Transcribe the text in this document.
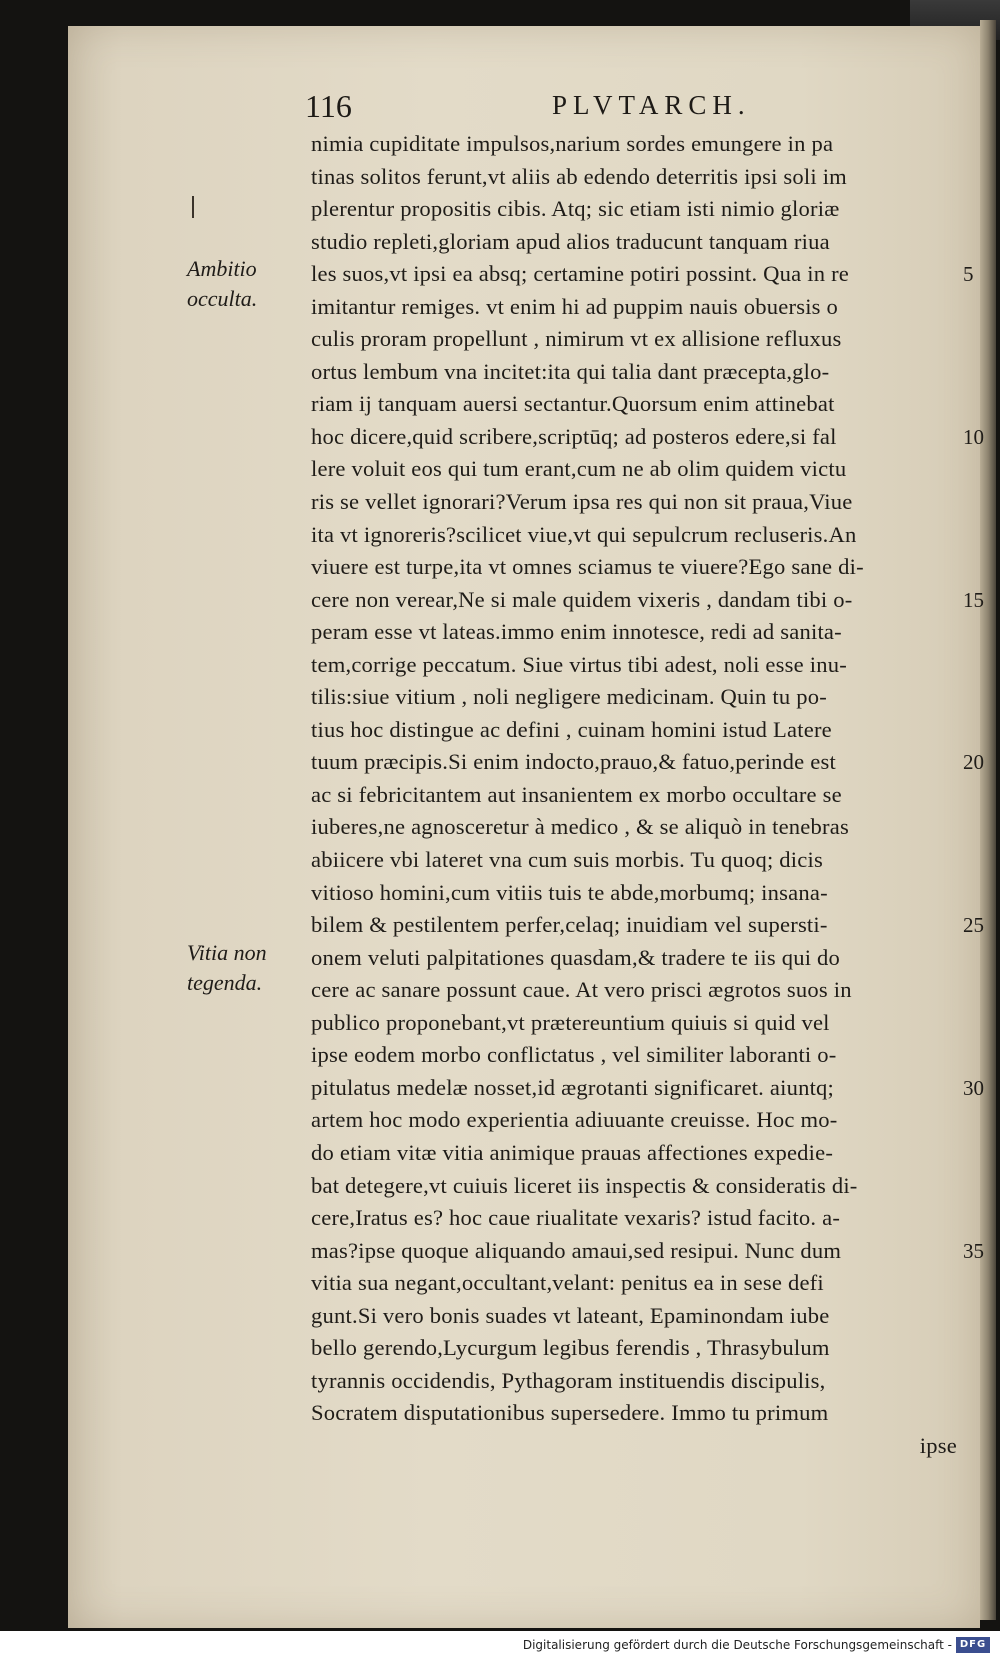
116	PLVTARCH.
Ambitio
occulta.
Vitia non
tegenda.
nimia cupiditate impulsos,narium sordes emungere in pa
tinas solitos ferunt,vt aliis ab edendo deterritis ipsi soli im
plerentur propositis cibis. Atq; sic etiam isti nimio gloriæ
studio repleti,gloriam apud alios traducunt tanquam riua
les suos,vt ipsi ea absq; certamine potiri possint. Qua in re
imitantur remiges. vt enim hi ad puppim nauis obuersis o
culis proram propellunt , nimirum vt ex allisione refluxus
ortus lembum vna incitet:ita qui talia dant præcepta,glo-
riam ij tanquam auersi sectantur.Quorsum enim attinebat
hoc dicere,quid scribere,scriptūq; ad posteros edere,si fal
lere voluit eos qui tum erant,cum ne ab olim quidem victu
ris se vellet ignorari?Verum ipsa res qui non sit praua,Viue
ita vt ignoreris?scilicet viue,vt qui sepulcrum recluseris.An
viuere est turpe,ita vt omnes sciamus te viuere?Ego sane di-
cere non verear,Ne si male quidem vixeris , dandam tibi o-
peram esse vt lateas.immo enim innotesce, redi ad sanita-
tem,corrige peccatum. Siue virtus tibi adest, noli esse inu-
tilis:siue vitium , noli negligere medicinam. Quin tu po-
tius hoc distingue ac defini , cuinam homini istud Latere
tuum præcipis.Si enim indocto,prauo,& fatuo,perinde est
ac si febricitantem aut insanientem ex morbo occultare se
iuberes,ne agnosceretur à medico , & se aliquò in tenebras
abiicere vbi lateret vna cum suis morbis. Tu quoq; dicis
vitioso homini,cum vitiis tuis te abde,morbumq; insana-
bilem & pestilentem perfer,celaq; inuidiam vel supersti-
onem veluti palpitationes quasdam,& tradere te iis qui do
cere ac sanare possunt caue. At vero prisci ægrotos suos in
publico proponebant,vt prætereuntium quiuis si quid vel
ipse eodem morbo conflictatus , vel similiter laboranti o-
pitulatus medelæ nosset,id ægrotanti significaret. aiuntq;
artem hoc modo experientia adiuuante creuisse. Hoc mo-
do etiam vitæ vitia animique prauas affectiones expedie-
bat detegere,vt cuiuis liceret iis inspectis & consideratis di-
cere,Iratus es? hoc caue riualitate vexaris? istud facito. a-
mas?ipse quoque aliquando amaui,sed resipui. Nunc dum
vitia sua negant,occultant,velant: penitus ea in sese defi
gunt.Si vero bonis suades vt lateant, Epaminondam iube
bello gerendo,Lycurgum legibus ferendis , Thrasybulum
tyrannis occidendis, Pythagoram instituendis discipulis,
Socratem disputationibus supersedere. Immo tu primum
ipse
5
10
15
20
25
30
35
Digitalisierung gefördert durch die Deutsche Forschungsgemeinschaft - DFG
